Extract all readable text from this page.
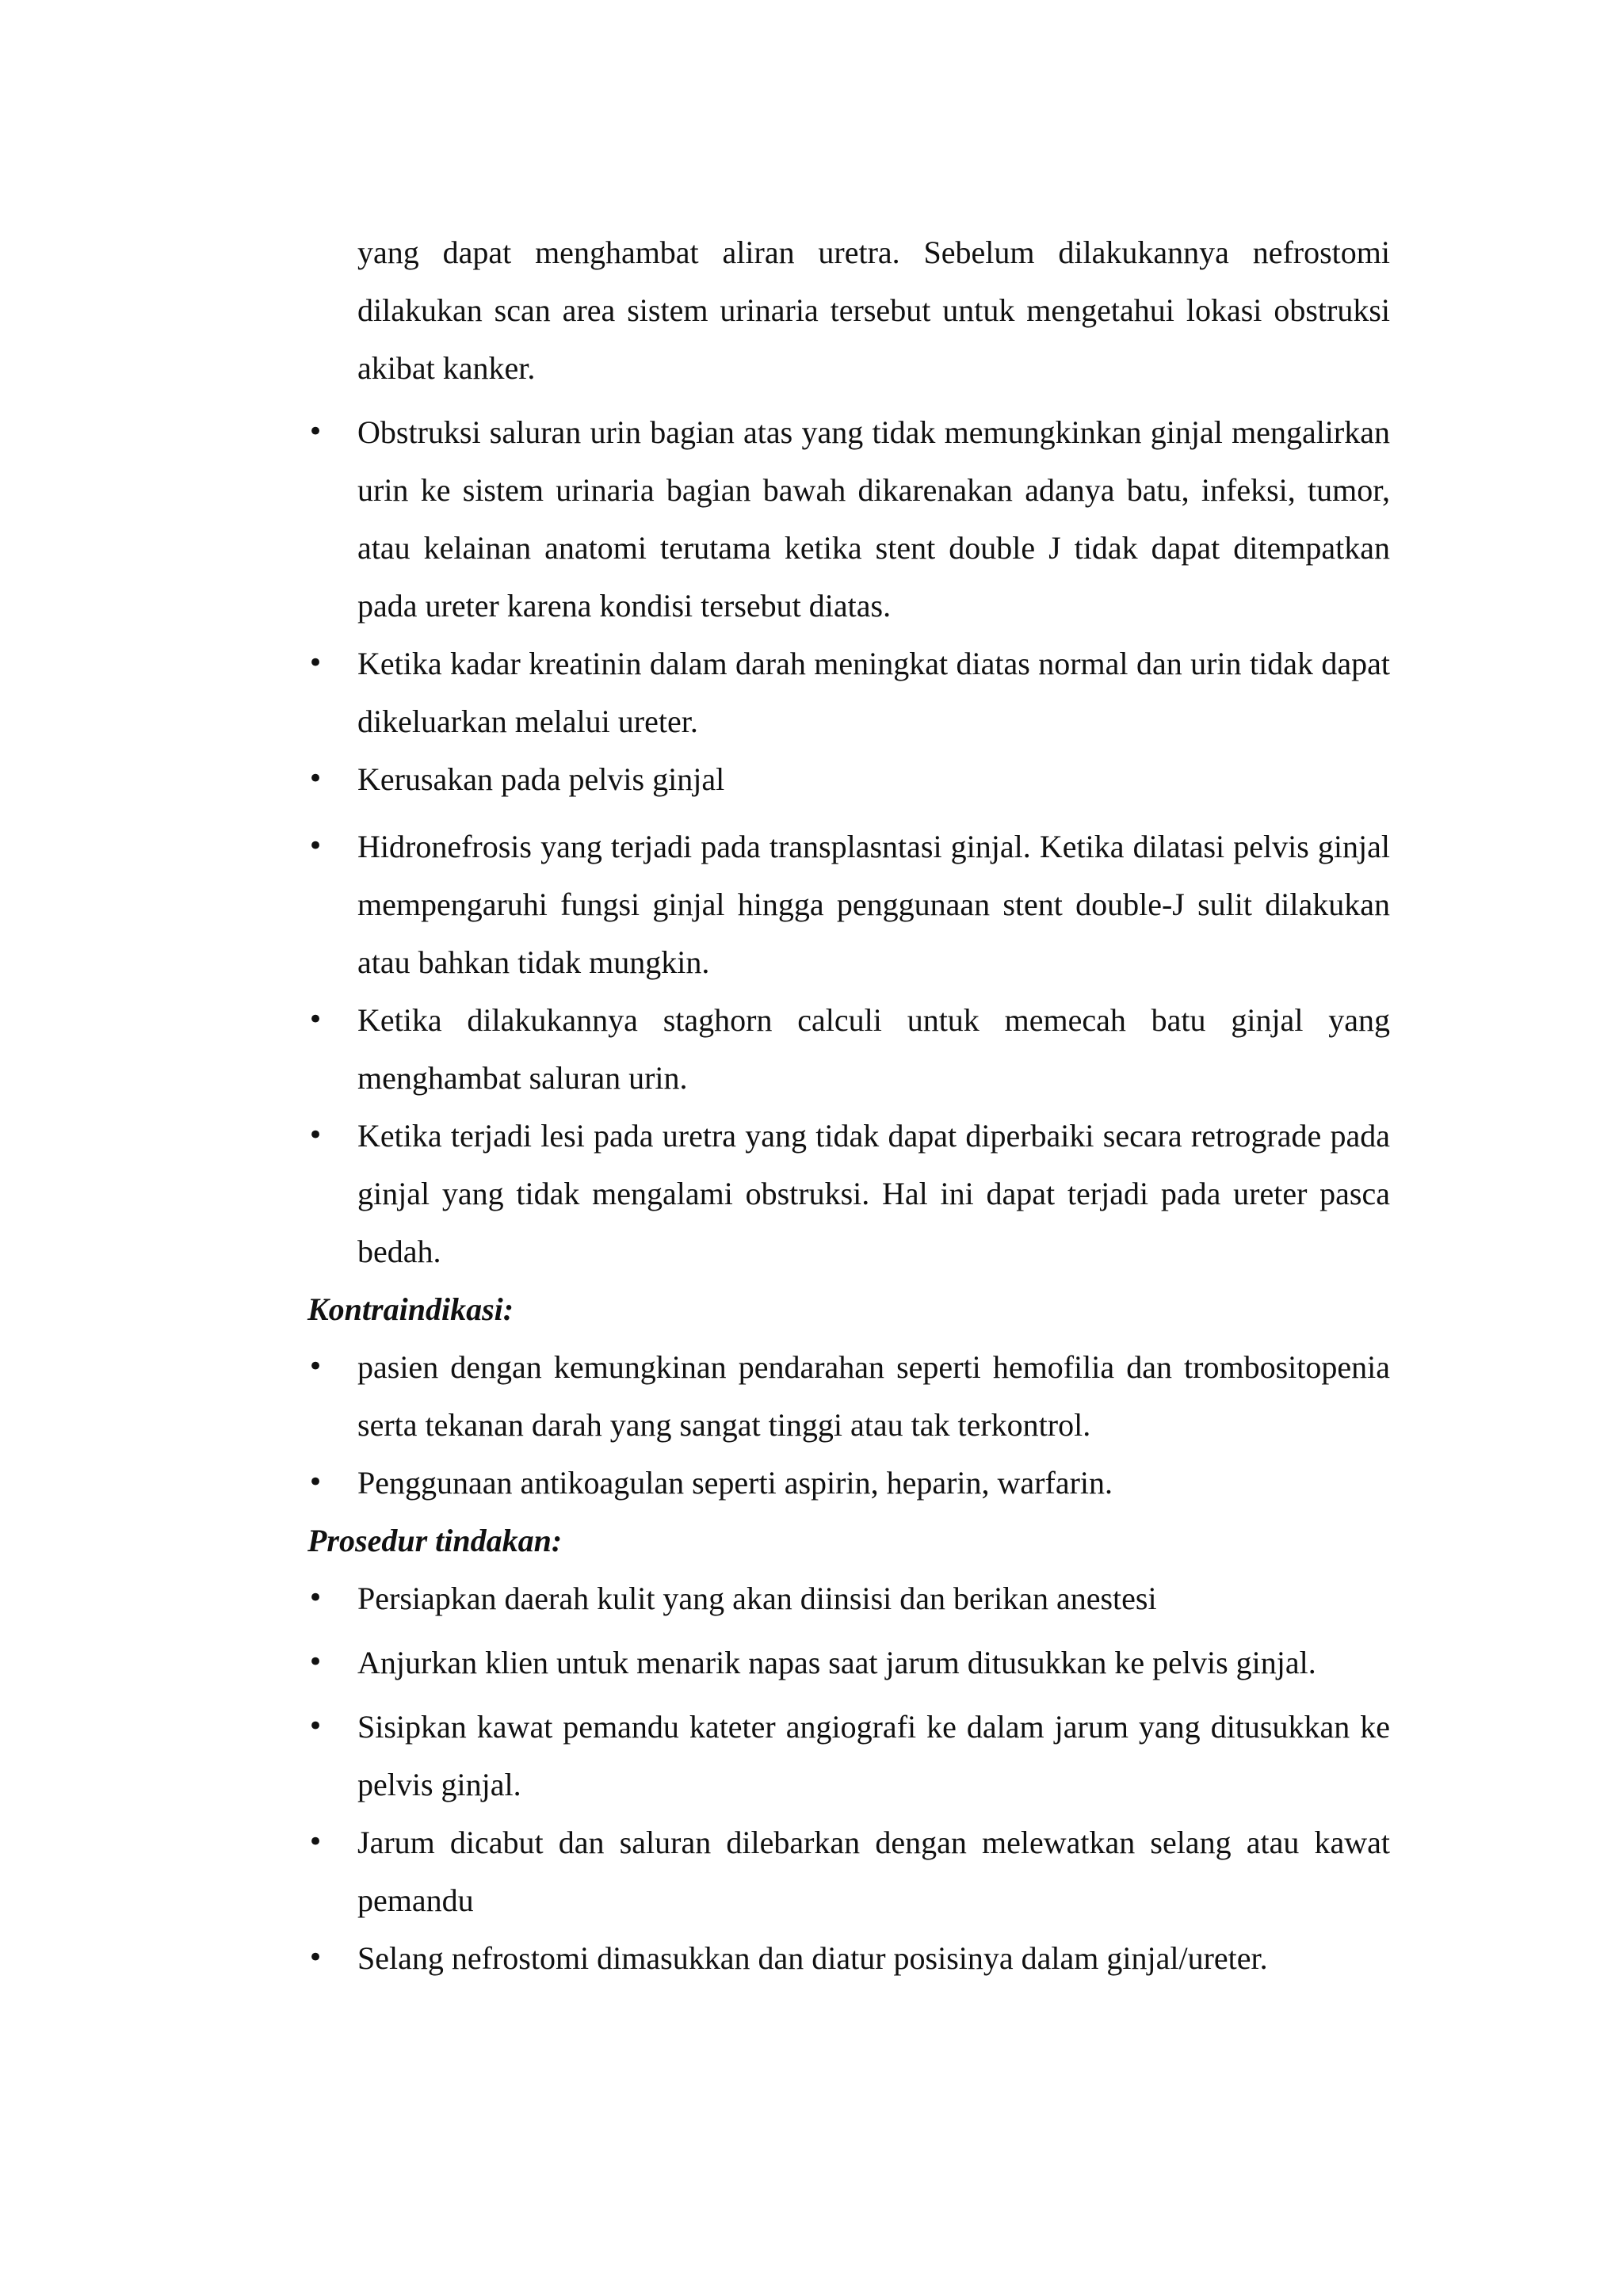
yang dapat menghambat aliran uretra. Sebelum dilakukannya nefrostomi dilakukan scan area sistem urinaria tersebut untuk mengetahui lokasi obstruksi akibat kanker.

•	Obstruksi saluran urin bagian atas yang tidak memungkinkan ginjal mengalirkan urin ke sistem urinaria bagian bawah dikarenakan adanya batu, infeksi, tumor, atau kelainan anatomi terutama ketika stent double J tidak dapat ditempatkan pada ureter karena kondisi tersebut diatas.
•	Ketika kadar kreatinin dalam darah meningkat diatas normal dan urin tidak dapat dikeluarkan melalui ureter.
•	Kerusakan pada pelvis ginjal
•	Hidronefrosis yang terjadi pada transplasntasi ginjal. Ketika dilatasi pelvis ginjal mempengaruhi fungsi ginjal hingga penggunaan stent double-J sulit dilakukan atau bahkan tidak mungkin.
•	Ketika dilakukannya staghorn calculi untuk memecah batu ginjal yang menghambat saluran urin.
•	Ketika terjadi lesi pada uretra yang tidak dapat diperbaiki secara retrograde pada ginjal yang tidak mengalami obstruksi. Hal ini dapat terjadi pada ureter pasca bedah.

Kontraindikasi:

•	pasien dengan kemungkinan pendarahan seperti hemofilia dan trombositopenia serta tekanan darah yang sangat tinggi atau tak terkontrol.
•	Penggunaan antikoagulan seperti aspirin, heparin, warfarin.

Prosedur tindakan:

•	Persiapkan daerah kulit yang akan diinsisi dan berikan anestesi
•	Anjurkan klien untuk menarik napas saat jarum ditusukkan ke pelvis ginjal.
•	Sisipkan kawat pemandu kateter angiografi ke dalam jarum yang ditusukkan ke pelvis ginjal.
•	Jarum dicabut dan saluran dilebarkan dengan melewatkan selang atau kawat pemandu
•	Selang nefrostomi dimasukkan dan diatur posisinya dalam ginjal/ureter.
